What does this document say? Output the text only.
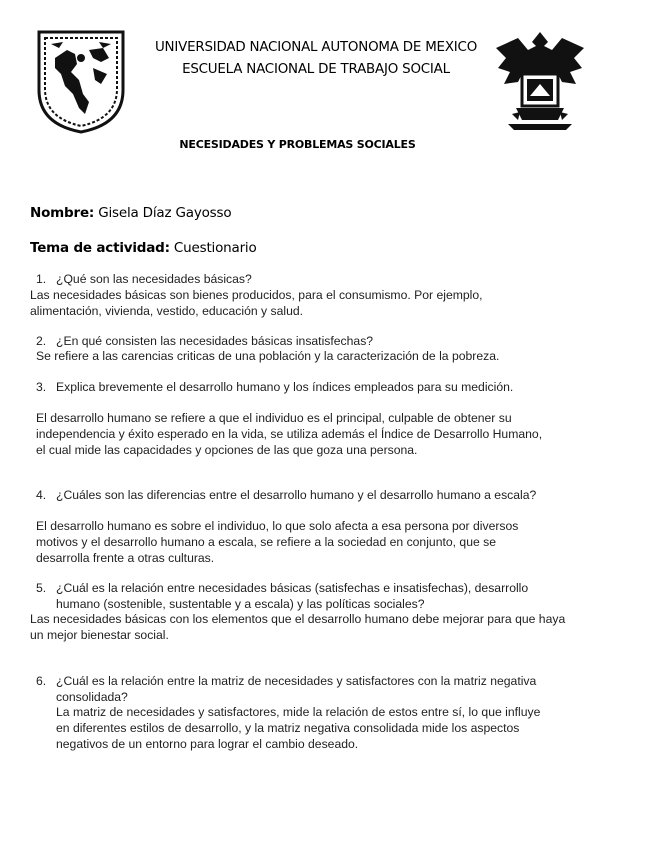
UNIVERSIDAD NACIONAL AUTONOMA DE MEXICO
ESCUELA NACIONAL DE TRABAJO SOCIAL
NECESIDADES Y PROBLEMAS SOCIALES
Nombre: Gisela Díaz Gayosso
Tema de actividad: Cuestionario
1. ¿Qué son las necesidades básicas?
Las necesidades básicas son bienes producidos, para el consumismo. Por ejemplo, alimentación, vivienda, vestido, educación y salud.
2. ¿En qué consisten las necesidades básicas insatisfechas?
Se refiere a las carencias criticas de una población y la caracterización de la pobreza.
3. Explica brevemente el desarrollo humano y los índices empleados para su medición.
El desarrollo humano se refiere a que el individuo es el principal, culpable de obtener su independencia y éxito esperado en la vida, se utiliza además el Índice de Desarrollo Humano, el cual mide las capacidades y opciones de las que goza una persona.
4. ¿Cuáles son las diferencias entre el desarrollo humano y el desarrollo humano a escala?
El desarrollo humano es sobre el individuo, lo que solo afecta a esa persona por diversos motivos y el desarrollo humano a escala, se refiere a la sociedad en conjunto, que se desarrolla frente a otras culturas.
5. ¿Cuál es la relación entre necesidades básicas (satisfechas e insatisfechas), desarrollo humano (sostenible, sustentable y a escala) y las políticas sociales?
Las necesidades básicas con los elementos que el desarrollo humano debe mejorar para que haya un mejor bienestar social.
6. ¿Cuál es la relación entre la matriz de necesidades y satisfactores con la matriz negativa consolidada?
La matriz de necesidades y satisfactores, mide la relación de estos entre sí, lo que influye en diferentes estilos de desarrollo, y la matriz negativa consolidada mide los aspectos negativos de un entorno para lograr el cambio deseado.
